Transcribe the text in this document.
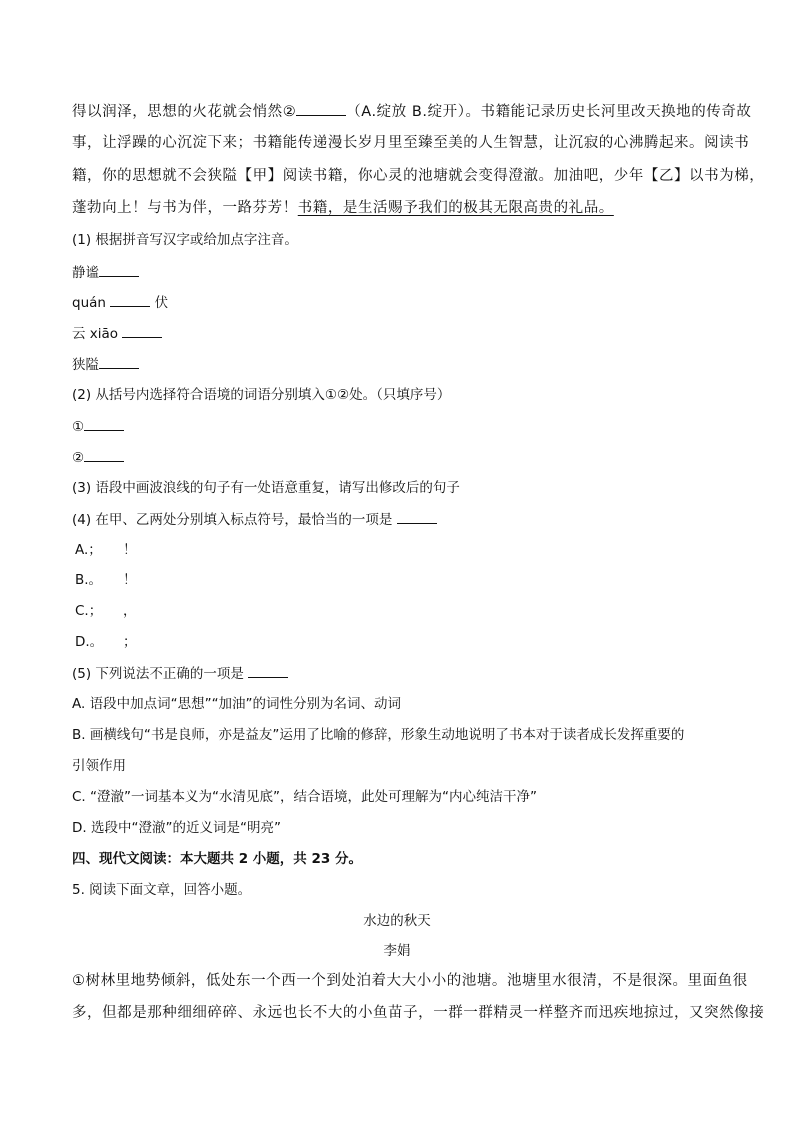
得以润泽，思想的火花就会悄然②	（A.绽放 B.绽开）。书籍能记录历史长河里改天换地的传奇故
事，让浮躁的心沉淀下来；书籍能传递漫长岁月里至臻至美的人生智慧，让沉寂的心沸腾起来。阅读书
籍，你的思想就不会狭隘【甲】阅读书籍，你心灵的池塘就会变得澄澈。加油吧，少年【乙】以书为梯，
蓬勃向上！与书为伴，一路芬芳！书籍，是生活赐予我们的极其无限高贵的礼品。
(1) 根据拼音写汉字或给加点字注音。
静谧
quán	伏
云 xiāo
狭隘
(2) 从括号内选择符合语境的词语分别填入①②处。（只填序号）
①
②
(3) 语段中画波浪线的句子有一处语意重复，请写出修改后的句子
(4) 在甲、乙两处分别填入标点符号，最恰当的一项是
A.； ！
B.。 ！
C.； ，
D.。 ；
(5) 下列说法不正确的一项是
A. 语段中加点词“思想”“加油”的词性分别为名词、动词
B. 画横线句“书是良师，亦是益友”运用了比喻的修辞，形象生动地说明了书本对于读者成长发挥重要的
引领作用
C. “澄澈”一词基本义为“水清见底”，结合语境，此处可理解为“内心纯洁干净”
D. 选段中“澄澈”的近义词是“明亮”
四、现代文阅读：本大题共 2 小题，共 23 分。
5. 阅读下面文章，回答小题。
水边的秋天
李娟
①树林里地势倾斜，低处东一个西一个到处泊着大大小小的池塘。池塘里水很清，不是很深。里面鱼很
多，但都是那种细细碎碎、永远也长不大的小鱼苗子，一群一群精灵一样整齐而迅疾地掠过，又突然像接
